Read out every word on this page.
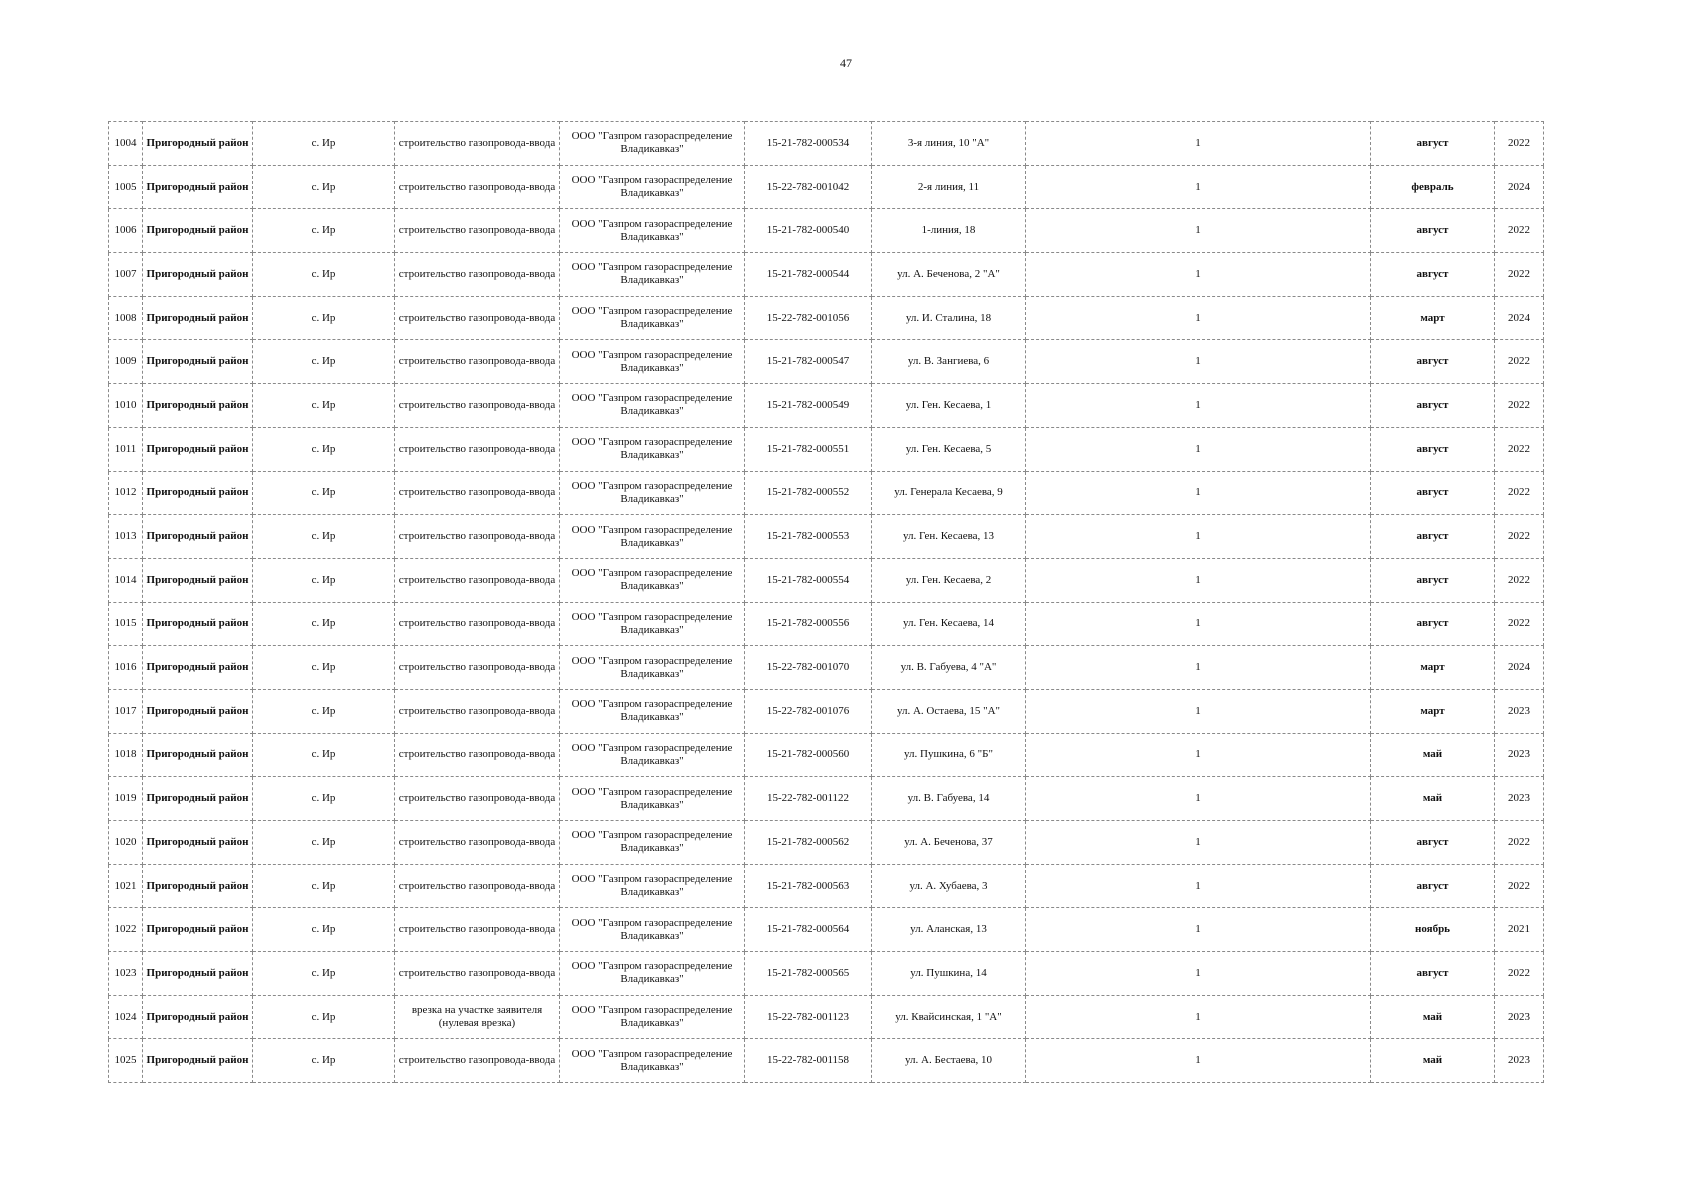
47
1004	Пригородный район	с. Ир	строительство газопровода-ввода	ООО "Газпром газораспределение Владикавказ"	15-21-782-000534	3-я линия, 10 "А"	1	август	2022
1005	Пригородный район	с. Ир	строительство газопровода-ввода	ООО "Газпром газораспределение Владикавказ"	15-22-782-001042	2-я линия, 11	1	февраль	2024
1006	Пригородный район	с. Ир	строительство газопровода-ввода	ООО "Газпром газораспределение Владикавказ"	15-21-782-000540	1-линия, 18	1	август	2022
1007	Пригородный район	с. Ир	строительство газопровода-ввода	ООО "Газпром газораспределение Владикавказ"	15-21-782-000544	ул. А. Беченова, 2 "А"	1	август	2022
1008	Пригородный район	с. Ир	строительство газопровода-ввода	ООО "Газпром газораспределение Владикавказ"	15-22-782-001056	ул. И. Сталина, 18	1	март	2024
1009	Пригородный район	с. Ир	строительство газопровода-ввода	ООО "Газпром газораспределение Владикавказ"	15-21-782-000547	ул. В. Зангиева, 6	1	август	2022
1010	Пригородный район	с. Ир	строительство газопровода-ввода	ООО "Газпром газораспределение Владикавказ"	15-21-782-000549	ул. Ген. Кесаева, 1	1	август	2022
1011	Пригородный район	с. Ир	строительство газопровода-ввода	ООО "Газпром газораспределение Владикавказ"	15-21-782-000551	ул. Ген. Кесаева, 5	1	август	2022
1012	Пригородный район	с. Ир	строительство газопровода-ввода	ООО "Газпром газораспределение Владикавказ"	15-21-782-000552	ул. Генерала Кесаева, 9	1	август	2022
1013	Пригородный район	с. Ир	строительство газопровода-ввода	ООО "Газпром газораспределение Владикавказ"	15-21-782-000553	ул. Ген. Кесаева, 13	1	август	2022
1014	Пригородный район	с. Ир	строительство газопровода-ввода	ООО "Газпром газораспределение Владикавказ"	15-21-782-000554	ул. Ген. Кесаева, 2	1	август	2022
1015	Пригородный район	с. Ир	строительство газопровода-ввода	ООО "Газпром газораспределение Владикавказ"	15-21-782-000556	ул. Ген. Кесаева, 14	1	август	2022
1016	Пригородный район	с. Ир	строительство газопровода-ввода	ООО "Газпром газораспределение Владикавказ"	15-22-782-001070	ул. В. Габуева, 4 "А"	1	март	2024
1017	Пригородный район	с. Ир	строительство газопровода-ввода	ООО "Газпром газораспределение Владикавказ"	15-22-782-001076	ул. А. Остаева, 15 "А"	1	март	2023
1018	Пригородный район	с. Ир	строительство газопровода-ввода	ООО "Газпром газораспределение Владикавказ"	15-21-782-000560	ул. Пушкина, 6 "Б"	1	май	2023
1019	Пригородный район	с. Ир	строительство газопровода-ввода	ООО "Газпром газораспределение Владикавказ"	15-22-782-001122	ул. В. Габуева, 14	1	май	2023
1020	Пригородный район	с. Ир	строительство газопровода-ввода	ООО "Газпром газораспределение Владикавказ"	15-21-782-000562	ул. А. Беченова, 37	1	август	2022
1021	Пригородный район	с. Ир	строительство газопровода-ввода	ООО "Газпром газораспределение Владикавказ"	15-21-782-000563	ул. А. Хубаева, 3	1	август	2022
1022	Пригородный район	с. Ир	строительство газопровода-ввода	ООО "Газпром газораспределение Владикавказ"	15-21-782-000564	ул. Аланская, 13	1	ноябрь	2021
1023	Пригородный район	с. Ир	строительство газопровода-ввода	ООО "Газпром газораспределение Владикавказ"	15-21-782-000565	ул. Пушкина, 14	1	август	2022
1024	Пригородный район	с. Ир	врезка на участке заявителя (нулевая врезка)	ООО "Газпром газораспределение Владикавказ"	15-22-782-001123	ул. Квайсинская, 1 "А"	1	май	2023
1025	Пригородный район	с. Ир	строительство газопровода-ввода	ООО "Газпром газораспределение Владикавказ"	15-22-782-001158	ул. А. Бестаева, 10	1	май	2023
